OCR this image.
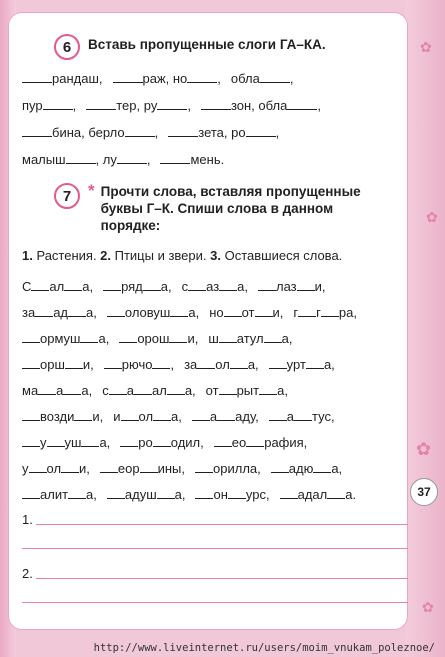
✿
✿
✿
✿
6	Вставь пропущенные слоги ГА–КА.
рандаш,	раж, но , обла ,
пур ,	тер, ру ,	зон, обла ,
бина, берло ,	зета, ро ,
малыш , лу ,	мень.
7 * Прочти слова, вставляя пропущенные
буквы Г–К. Спиши слова в данном
порядке:
1. Растения. 2. Птицы и звери. 3. Оставшиеся слова.
С ал а, ряд а, с аз а, лаз и,
за ад а, оловуш а, но от и, г г ра,
ормуш а, орош и, ш атул а,
орш и, рючо , за ол а, урт а,
ма а а, с а ал а, от рыт а,
возди и, и ол а, а аду, а тус,
у уш а, ро одил, ео рафия,
у ол и, еор ины, орилла, адю а,
алит а, адуш а, он урс, адал а.
1.
2.
37
http://www.liveinternet.ru/users/moim_vnukam_poleznoe/
